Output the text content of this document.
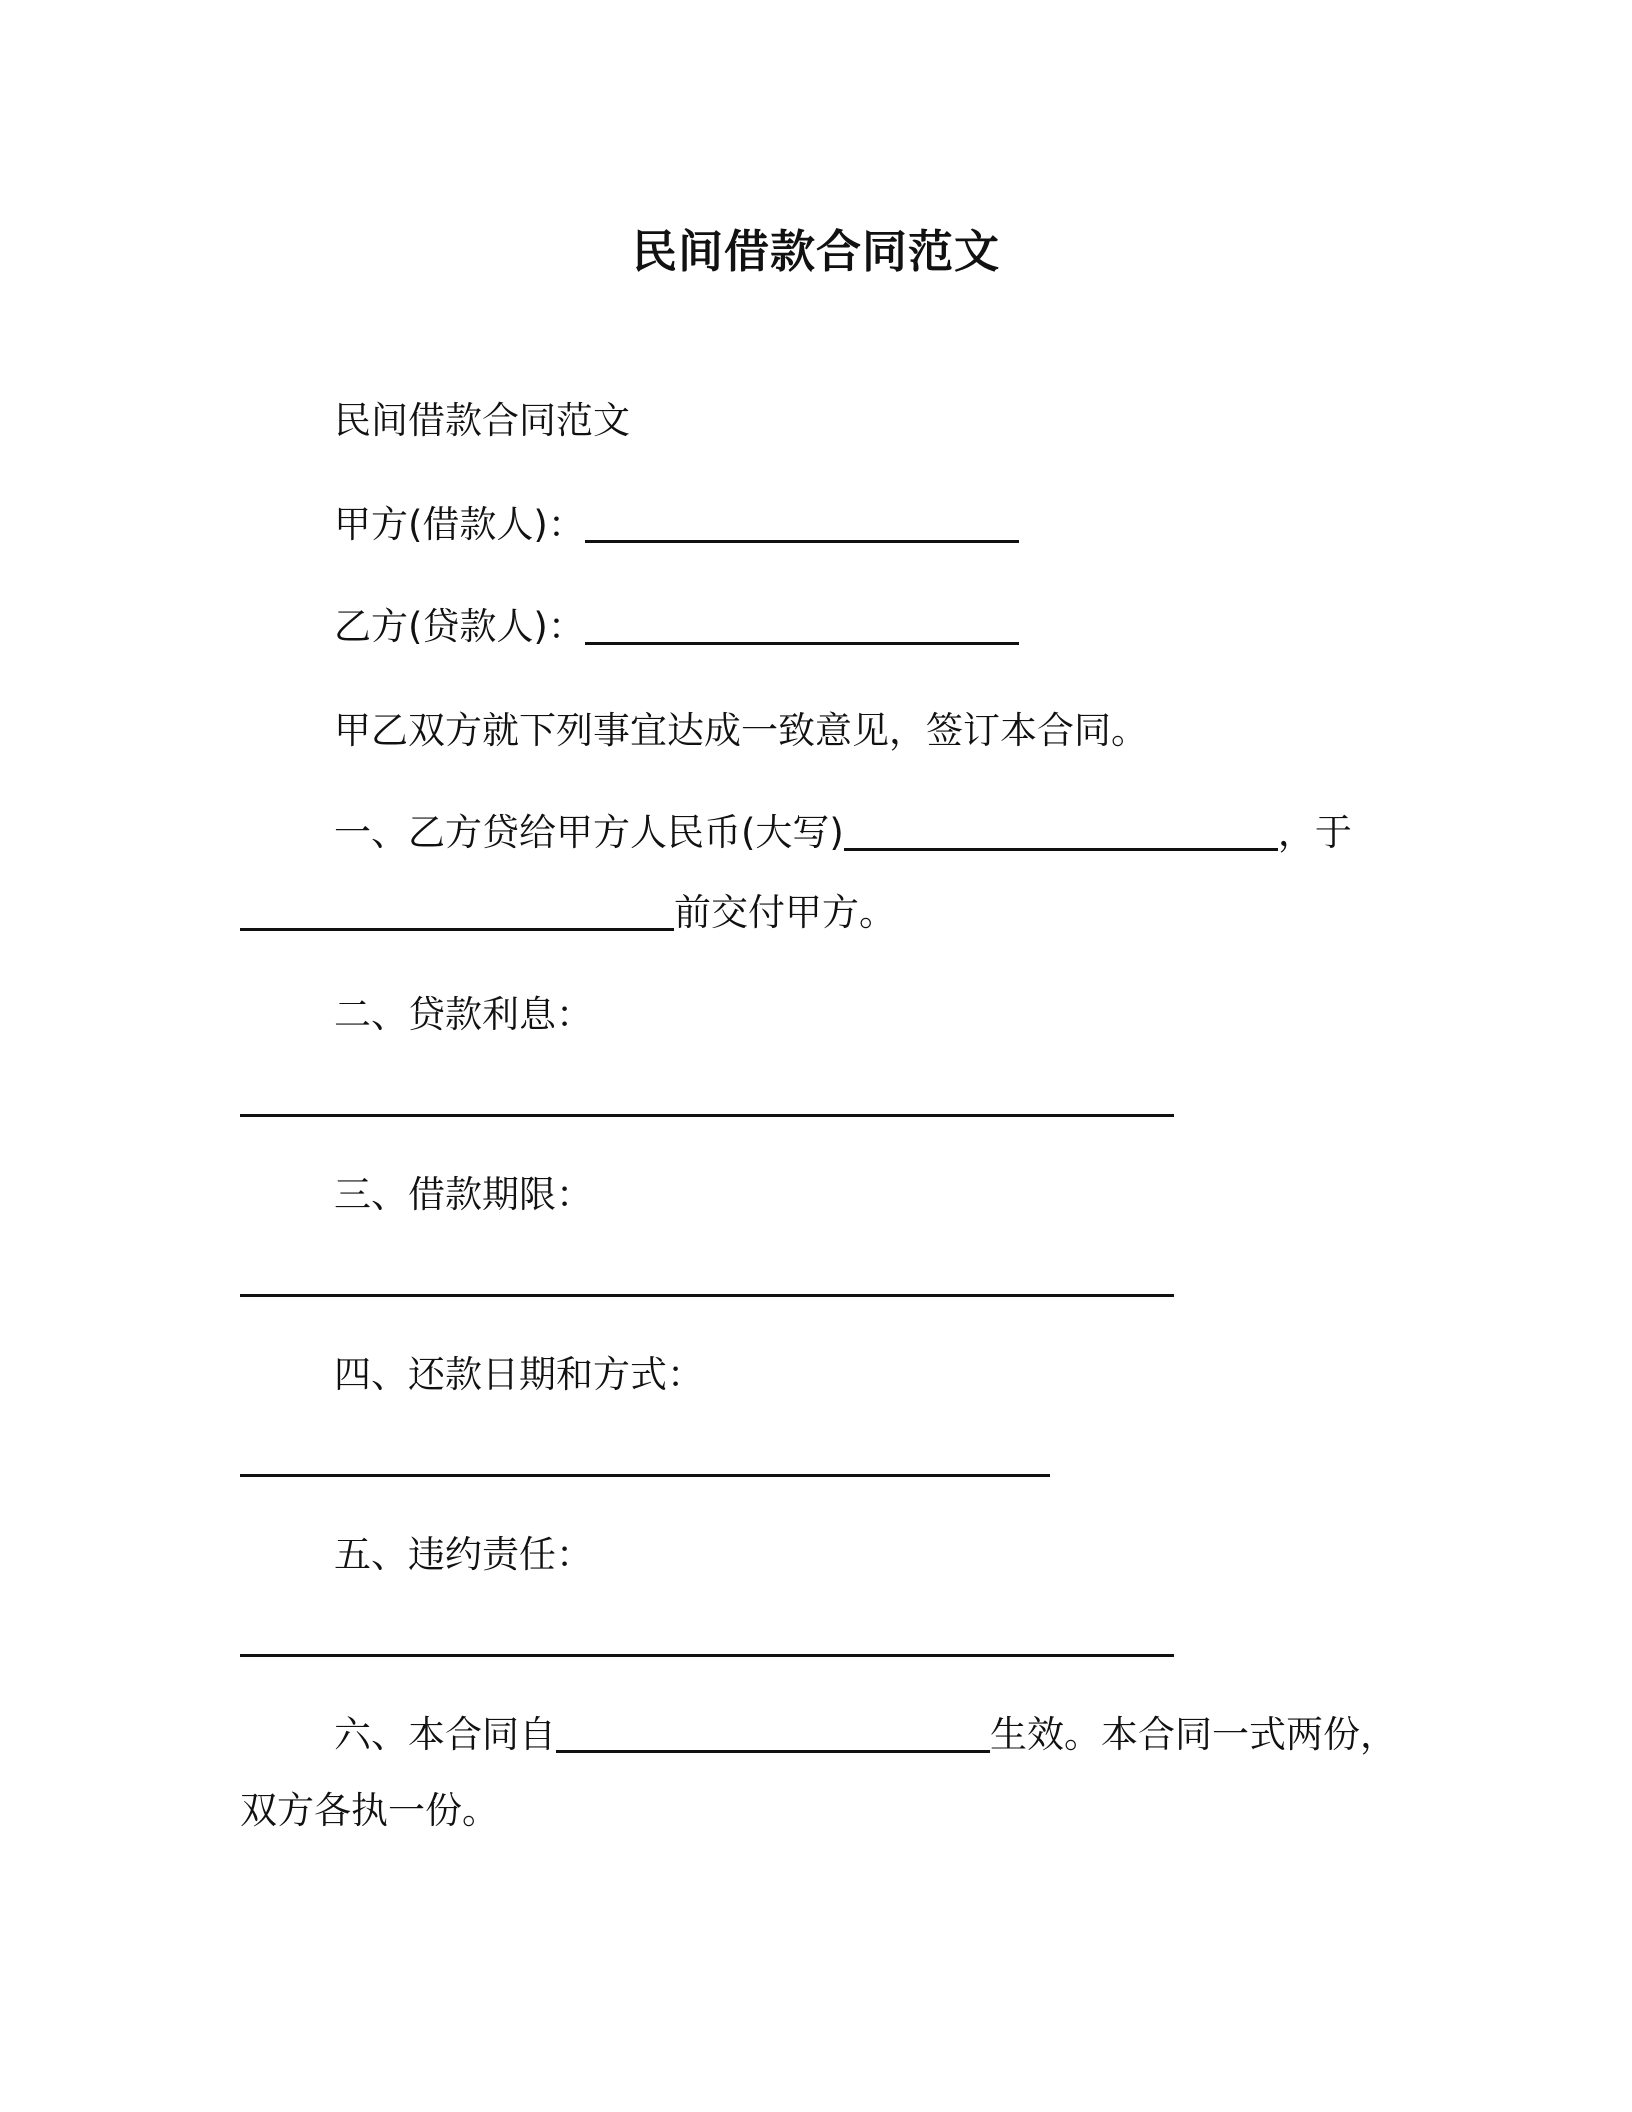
民间借款合同范文
民间借款合同范文
甲方(借款人)：
乙方(贷款人)：
甲乙双方就下列事宜达成一致意见，签订本合同。
一、乙方贷给甲方人民币(大写)	，于
前交付甲方。
二、贷款利息：
三、借款期限：
四、还款日期和方式：
五、违约责任：
六、本合同自	生效。本合同一式两份，
双方各执一份。
